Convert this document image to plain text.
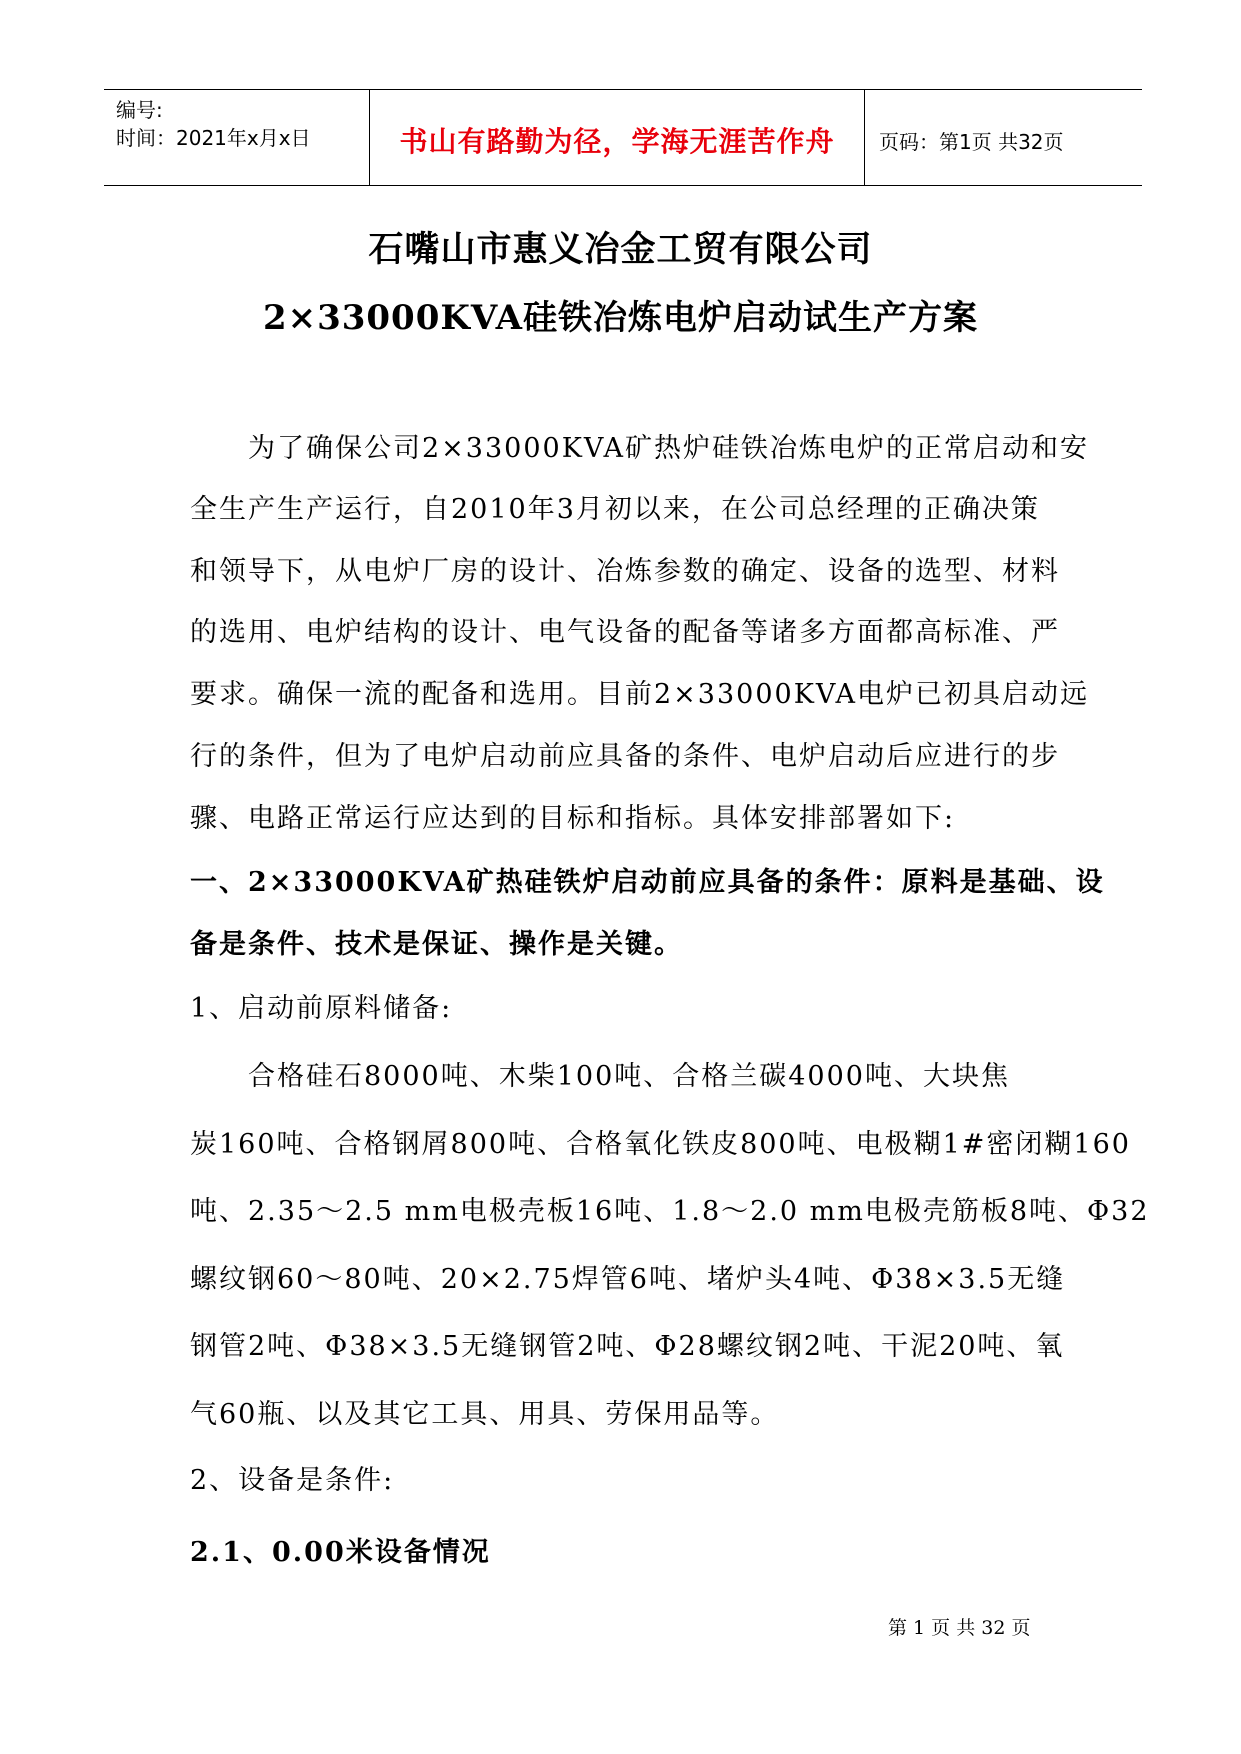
编号:
时间：2021年x月x日	书山有路勤为径，学海无涯苦作舟	页码：第1页 共32页
石嘴山市惠义冶金工贸有限公司
2×33000KVA硅铁冶炼电炉启动试生产方案
　　为了确保公司2×33000KVA矿热炉硅铁冶炼电炉的正常启动和安
全生产生产运行，自2010年3月初以来，在公司总经理的正确决策
和领导下，从电炉厂房的设计、冶炼参数的确定、设备的选型、材料
的选用、电炉结构的设计、电气设备的配备等诸多方面都高标准、严
要求。确保一流的配备和选用。目前2×33000KVA电炉已初具启动远
行的条件，但为了电炉启动前应具备的条件、电炉启动后应进行的步
骤、电路正常运行应达到的目标和指标。具体安排部署如下:
一、2×33000KVA矿热硅铁炉启动前应具备的条件：原料是基础、设
备是条件、技术是保证、操作是关键。
1、启动前原料储备:
　　合格硅石8000吨、木柴100吨、合格兰碳4000吨、大块焦
炭160吨、合格钢屑800吨、合格氧化铁皮800吨、电极糊1#密闭糊160
吨、2.35～2.5 mm电极壳板16吨、1.8～2.0 mm电极壳筋板8吨、Φ32
螺纹钢60～80吨、20×2.75焊管6吨、堵炉头4吨、Φ38×3.5无缝
钢管2吨、Φ38×3.5无缝钢管2吨、Φ28螺纹钢2吨、干泥20吨、氧
气60瓶、以及其它工具、用具、劳保用品等。
2、设备是条件:
2.1、0.00米设备情况
第 1 页 共 32 页
